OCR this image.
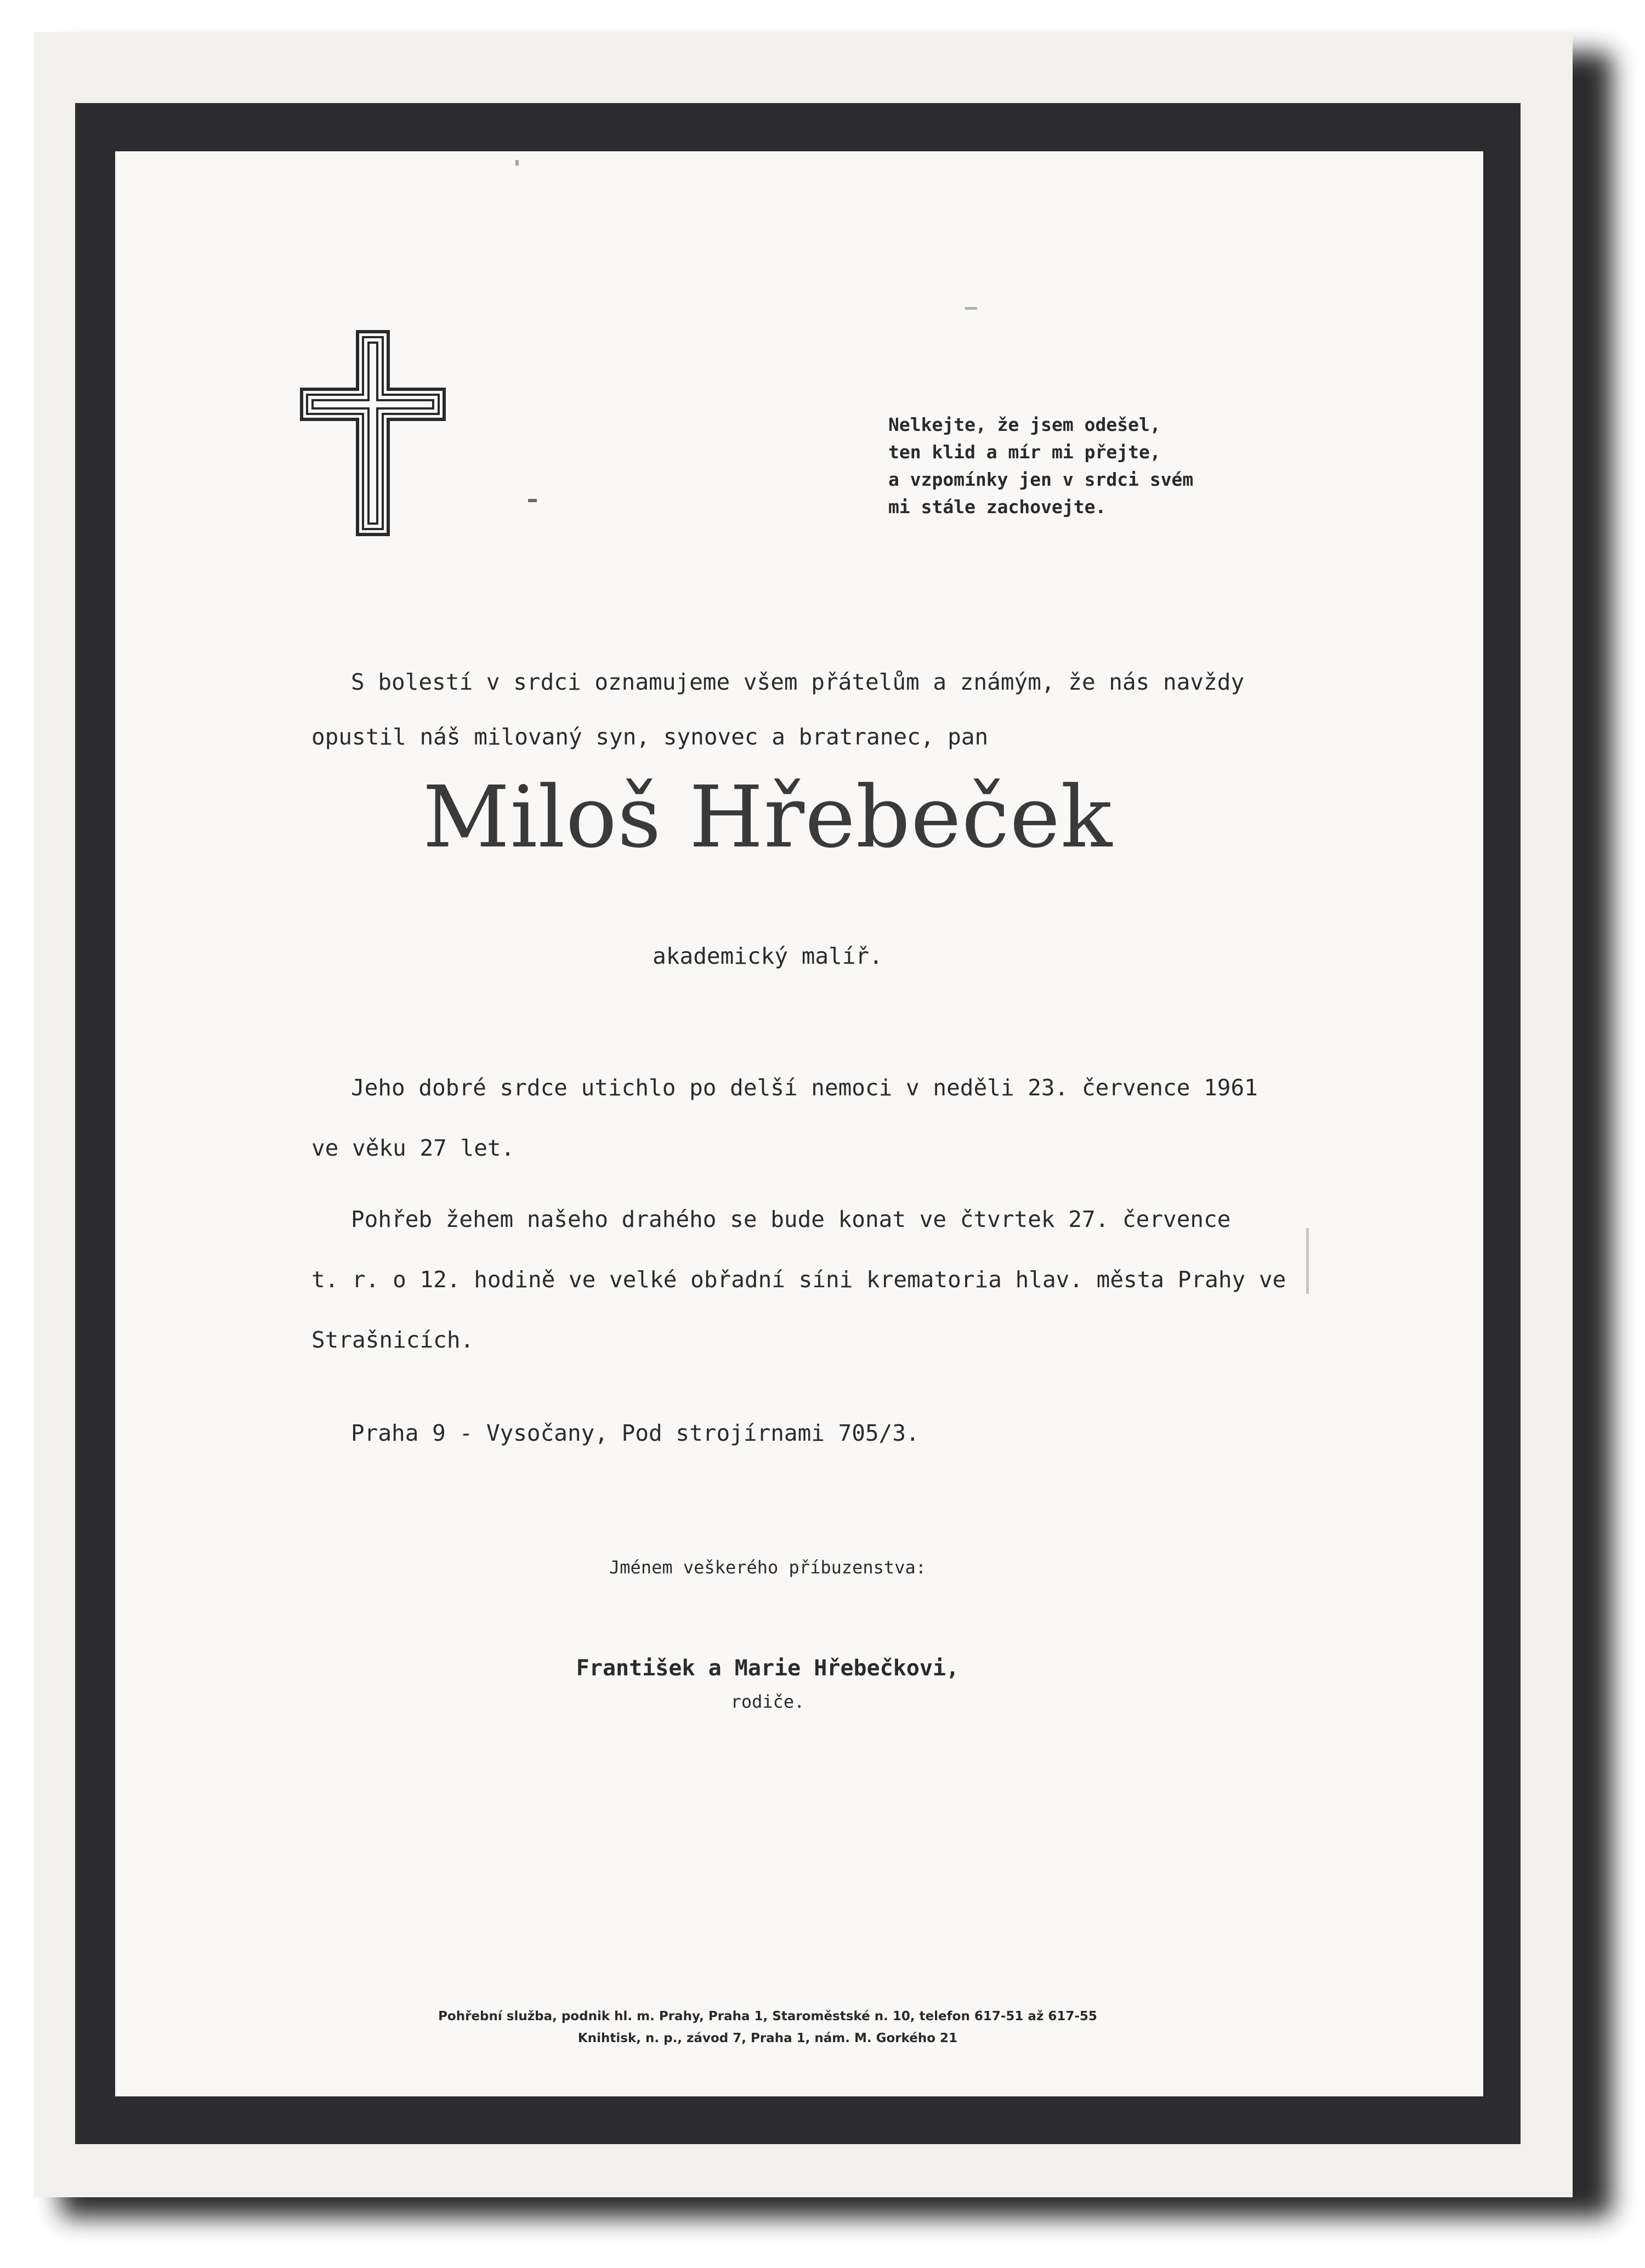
Nelkejte, že jsem odešel,
ten klid a mír mi přejte,
a vzpomínky jen v srdci svém
mi stále zachovejte.
S bolestí v srdci oznamujeme všem přátelům a známým, že nás navždy
opustil náš milovaný syn, synovec a bratranec, pan
Miloš Hřebeček
akademický malíř.
Jeho dobré srdce utichlo po delší nemoci v neděli 23. července 1961
ve věku 27 let.
Pohřeb žehem našeho drahého se bude konat ve čtvrtek 27. července
t. r. o 12. hodině ve velké obřadní síni krematoria hlav. města Prahy ve
Strašnicích.
Praha 9 - Vysočany, Pod strojírnami 705/3.
Jménem veškerého příbuzenstva:
František a Marie Hřebečkovi,
rodiče.
Pohřební služba, podnik hl. m. Prahy, Praha 1, Staroměstské n. 10, telefon 617-51 až 617-55
Knihtisk, n. p., závod 7, Praha 1, nám. M. Gorkého 21
